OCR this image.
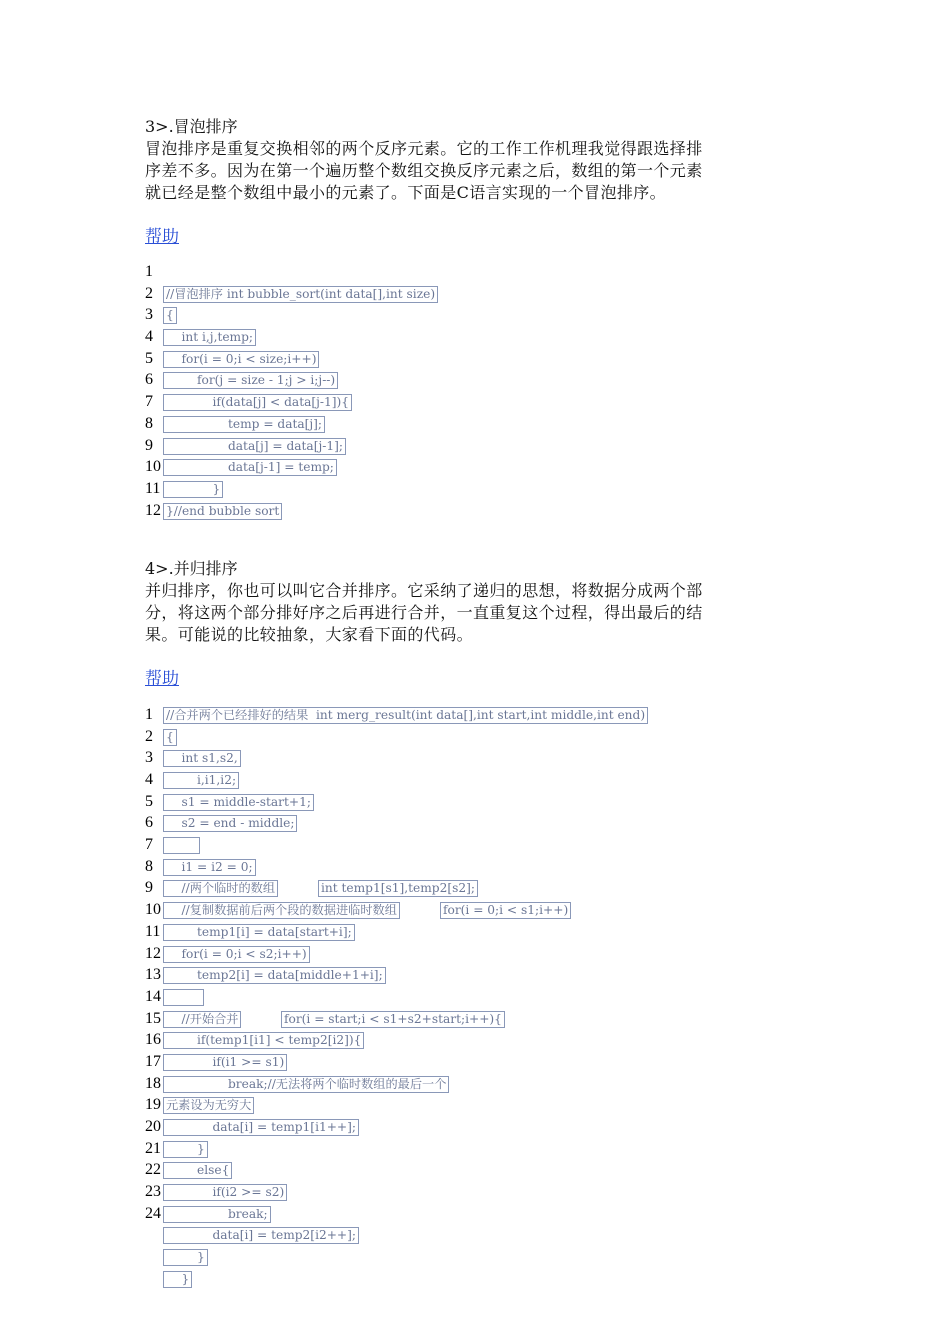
3>.冒泡排序

冒泡排序是重复交换相邻的两个反序元素。它的工作工作机理我觉得跟选择排

序差不多。因为在第一个遍历整个数组交换反序元素之后，数组的第一个元素

就已经是整个数组中最小的元素了。下面是C语言实现的一个冒泡排序。

帮助
1
2	//冒泡排序 int bubble_sort(int data[],int size)
3	{
4	int i,j,temp;
5	for(i = 0;i < size;i++)
6	for(j = size - 1;j > i;j--)
7	if(data[j] < data[j-1]){
8	temp = data[j];
9	data[j] = data[j-1];
10 data[j-1] = temp;
11 }
12 }//end bubble sort

4>.并归排序

并归排序，你也可以叫它合并排序。它采纳了递归的思想，将数据分成两个部

分，将这两个部分排好序之后再进行合并，一直重复这个过程，得出最后的结

果。可能说的比较抽象，大家看下面的代码。

帮助
1	//合并两个已经排好的结果  int merg_result(int data[],int start,int middle,int end)
2	{
3	int s1,s2,
4	i,i1,i2;
5	s1 = middle-start+1;
6	s2 = end - middle;
7

8	i1 = i2 = 0;
9	//两个临时的数组	int temp1[s1],temp2[s2];
10 //复制数据前后两个段的数据进临时数组	for(i = 0;i < s1;i++)
11 temp1[i] = data[start+i];
12 for(i = 0;i < s2;i++)
13 temp2[i] = data[middle+1+i];
14

15 //开始合并	for(i = start;i < s1+s2+start;i++){
16 if(temp1[i1] < temp2[i2]){
17 if(i1 >= s1)
18 break;//无法将两个临时数组的最后一个
19 元素设为无穷大
20 data[i] = temp1[i1++];
21 }
22 else{
23 if(i2 >= s2)
24 break;
data[i] = temp2[i2++];
}
}
